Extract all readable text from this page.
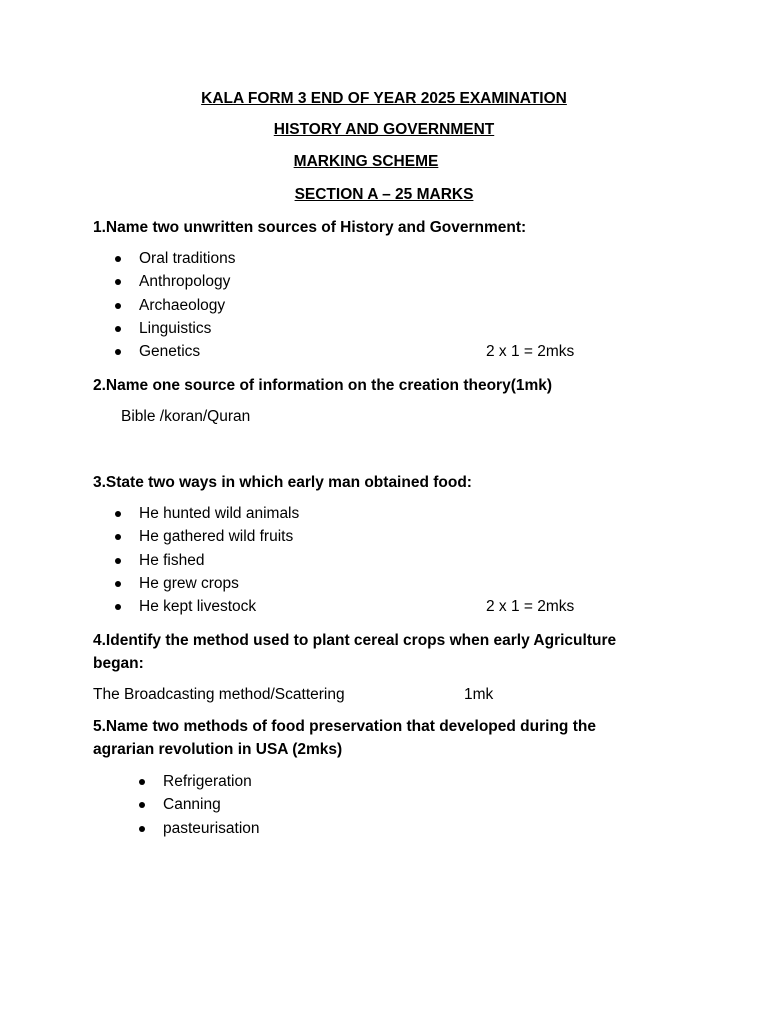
KALA FORM 3 END OF YEAR 2025 EXAMINATION
HISTORY AND GOVERNMENT
MARKING SCHEME
SECTION A – 25 MARKS
1.Name two unwritten sources of History and Government:
Oral traditions
Anthropology
Archaeology
Linguistics
Genetics	2 x 1 = 2mks
2.Name one source of information on the creation theory(1mk)
Bible /koran/Quran
3.State two ways in which early man obtained food:
He hunted wild animals
He gathered wild fruits
He fished
He grew crops
He kept livestock	2 x 1 = 2mks
4.Identify the method used to plant cereal crops when early Agriculture began:
The Broadcasting method/Scattering	1mk
5.Name two methods of food preservation that developed during the agrarian revolution in USA (2mks)
Refrigeration
Canning
pasteurisation
